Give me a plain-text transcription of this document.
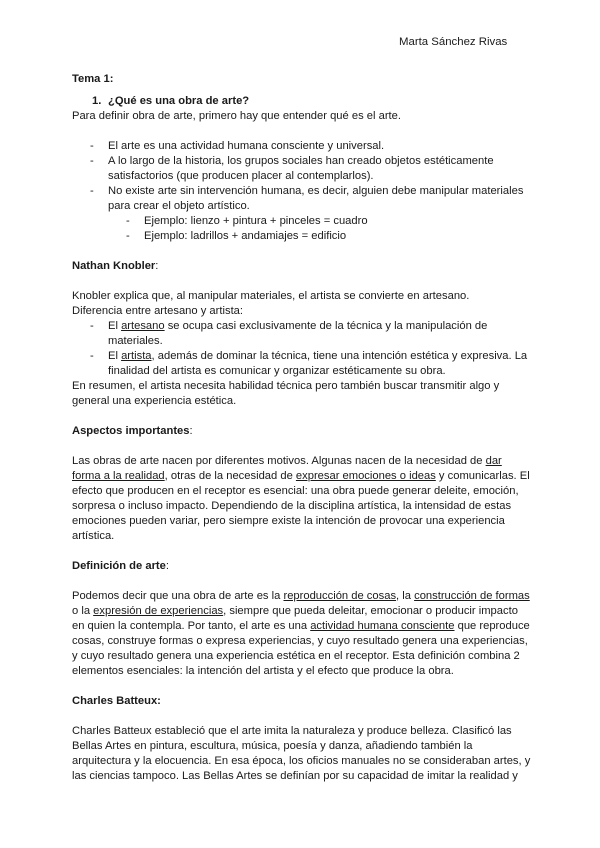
Marta Sánchez Rivas

Tema 1:

1. ¿Qué es una obra de arte?

Para definir obra de arte, primero hay que entender qué es el arte.

- El arte es una actividad humana consciente y universal.
- A lo largo de la historia, los grupos sociales han creado objetos estéticamente satisfactorios (que producen placer al contemplarlos).
- No existe arte sin intervención humana, es decir, alguien debe manipular materiales para crear el objeto artístico.
- Ejemplo: lienzo + pintura + pinceles = cuadro
- Ejemplo: ladrillos + andamiajes = edificio

Nathan Knobler:

Knobler explica que, al manipular materiales, el artista se convierte en artesano.

Diferencia entre artesano y artista:

- El artesano se ocupa casi exclusivamente de la técnica y la manipulación de materiales.
- El artista, además de dominar la técnica, tiene una intención estética y expresiva. La finalidad del artista es comunicar y organizar estéticamente su obra.

En resumen, el artista necesita habilidad técnica pero también buscar transmitir algo y general una experiencia estética.

Aspectos importantes:

Las obras de arte nacen por diferentes motivos. Algunas nacen de la necesidad de dar forma a la realidad, otras de la necesidad de expresar emociones o ideas y comunicarlas. El efecto que producen en el receptor es esencial: una obra puede generar deleite, emoción, sorpresa o incluso impacto. Dependiendo de la disciplina artística, la intensidad de estas emociones pueden variar, pero siempre existe la intención de provocar una experiencia artística.

Definición de arte:

Podemos decir que una obra de arte es la reproducción de cosas, la construcción de formas o la expresión de experiencias, siempre que pueda deleitar, emocionar o producir impacto en quien la contempla. Por tanto, el arte es una actividad humana consciente que reproduce cosas, construye formas o expresa experiencias, y cuyo resultado genera una experiencias, y cuyo resultado genera una experiencia estética en el receptor. Esta definición combina 2 elementos esenciales: la intención del artista y el efecto que produce la obra.

Charles Batteux:

Charles Batteux estableció que el arte imita la naturaleza y produce belleza. Clasificó las Bellas Artes en pintura, escultura, música, poesía y danza, añadiendo también la arquitectura y la elocuencia. En esa época, los oficios manuales no se consideraban artes, y las ciencias tampoco. Las Bellas Artes se definían por su capacidad de imitar la realidad y
